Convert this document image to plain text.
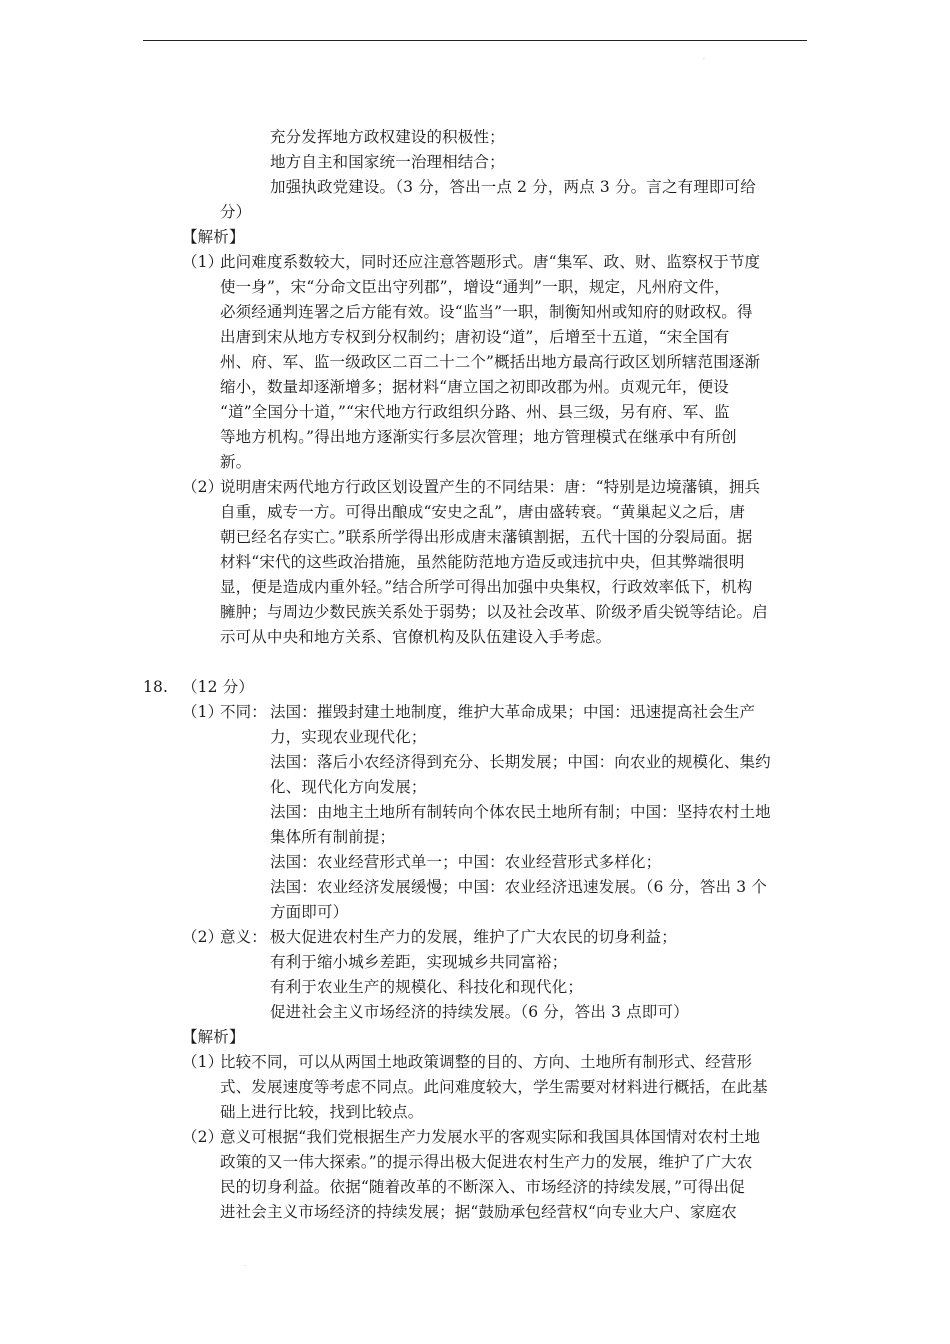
.
充分发挥地方政权建设的积极性；
地方自主和国家统一治理相结合；
加强执政党建设。（3 分，答出一点 2 分，两点 3 分。言之有理即可给
分）
【解析】
（1）
此问难度系数较大，同时还应注意答题形式。唐“集军、政、财、监察权于节度
使一身”，宋“分命文臣出守列郡”，增设“通判”一职，规定，凡州府文件，
必须经通判连署之后方能有效。设“监当”一职，制衡知州或知府的财政权。得
出唐到宋从地方专权到分权制约；唐初设“道”，后增至十五道，“宋全国有
州、府、军、监一级政区二百二十二个”概括出地方最高行政区划所辖范围逐渐
缩小，数量却逐渐增多；据材料“唐立国之初即改郡为州。贞观元年，便设
“道”全国分十道，”“宋代地方行政组织分路、州、县三级，另有府、军、监
等地方机构。”得出地方逐渐实行多层次管理；地方管理模式在继承中有所创
新。
（2）
说明唐宋两代地方行政区划设置产生的不同结果：唐：“特别是边境藩镇，拥兵
自重，威专一方。可得出酿成“安史之乱”，唐由盛转衰。“黄巢起义之后，唐
朝已经名存实亡。”联系所学得出形成唐末藩镇割据，五代十国的分裂局面。据
材料“宋代的这些政治措施，虽然能防范地方造反或违抗中央，但其弊端很明
显，便是造成内重外轻。”结合所学可得出加强中央集权，行政效率低下，机构
臃肿；与周边少数民族关系处于弱势；以及社会改革、阶级矛盾尖锐等结论。启
示可从中央和地方关系、官僚机构及队伍建设入手考虑。
18. （12 分）
（1）
不同： 法国：摧毁封建土地制度，维护大革命成果；中国：迅速提高社会生产
力，实现农业现代化；
法国：落后小农经济得到充分、长期发展；中国：向农业的规模化、集约
化、现代化方向发展；
法国：由地主土地所有制转向个体农民土地所有制；中国：坚持农村土地
集体所有制前提；
法国：农业经营形式单一；中国：农业经营形式多样化；
法国：农业经济发展缓慢；中国：农业经济迅速发展。（6 分，答出 3 个
方面即可）
（2）
意义： 极大促进农村生产力的发展，维护了广大农民的切身利益；
有利于缩小城乡差距，实现城乡共同富裕；
有利于农业生产的规模化、科技化和现代化；
促进社会主义市场经济的持续发展。（6 分，答出 3 点即可）
【解析】
（1）
比较不同，可以从两国土地政策调整的目的、方向、土地所有制形式、经营形
式、发展速度等考虑不同点。此问难度较大，学生需要对材料进行概括，在此基
础上进行比较，找到比较点。
（2）
意义可根据“我们党根据生产力发展水平的客观实际和我国具体国情对农村土地
政策的又一伟大探索。”的提示得出极大促进农村生产力的发展，维护了广大农
民的切身利益。依据“随着改革的不断深入、市场经济的持续发展，”可得出促
进社会主义市场经济的持续发展；据“鼓励承包经营权“向专业大户、家庭农
.
